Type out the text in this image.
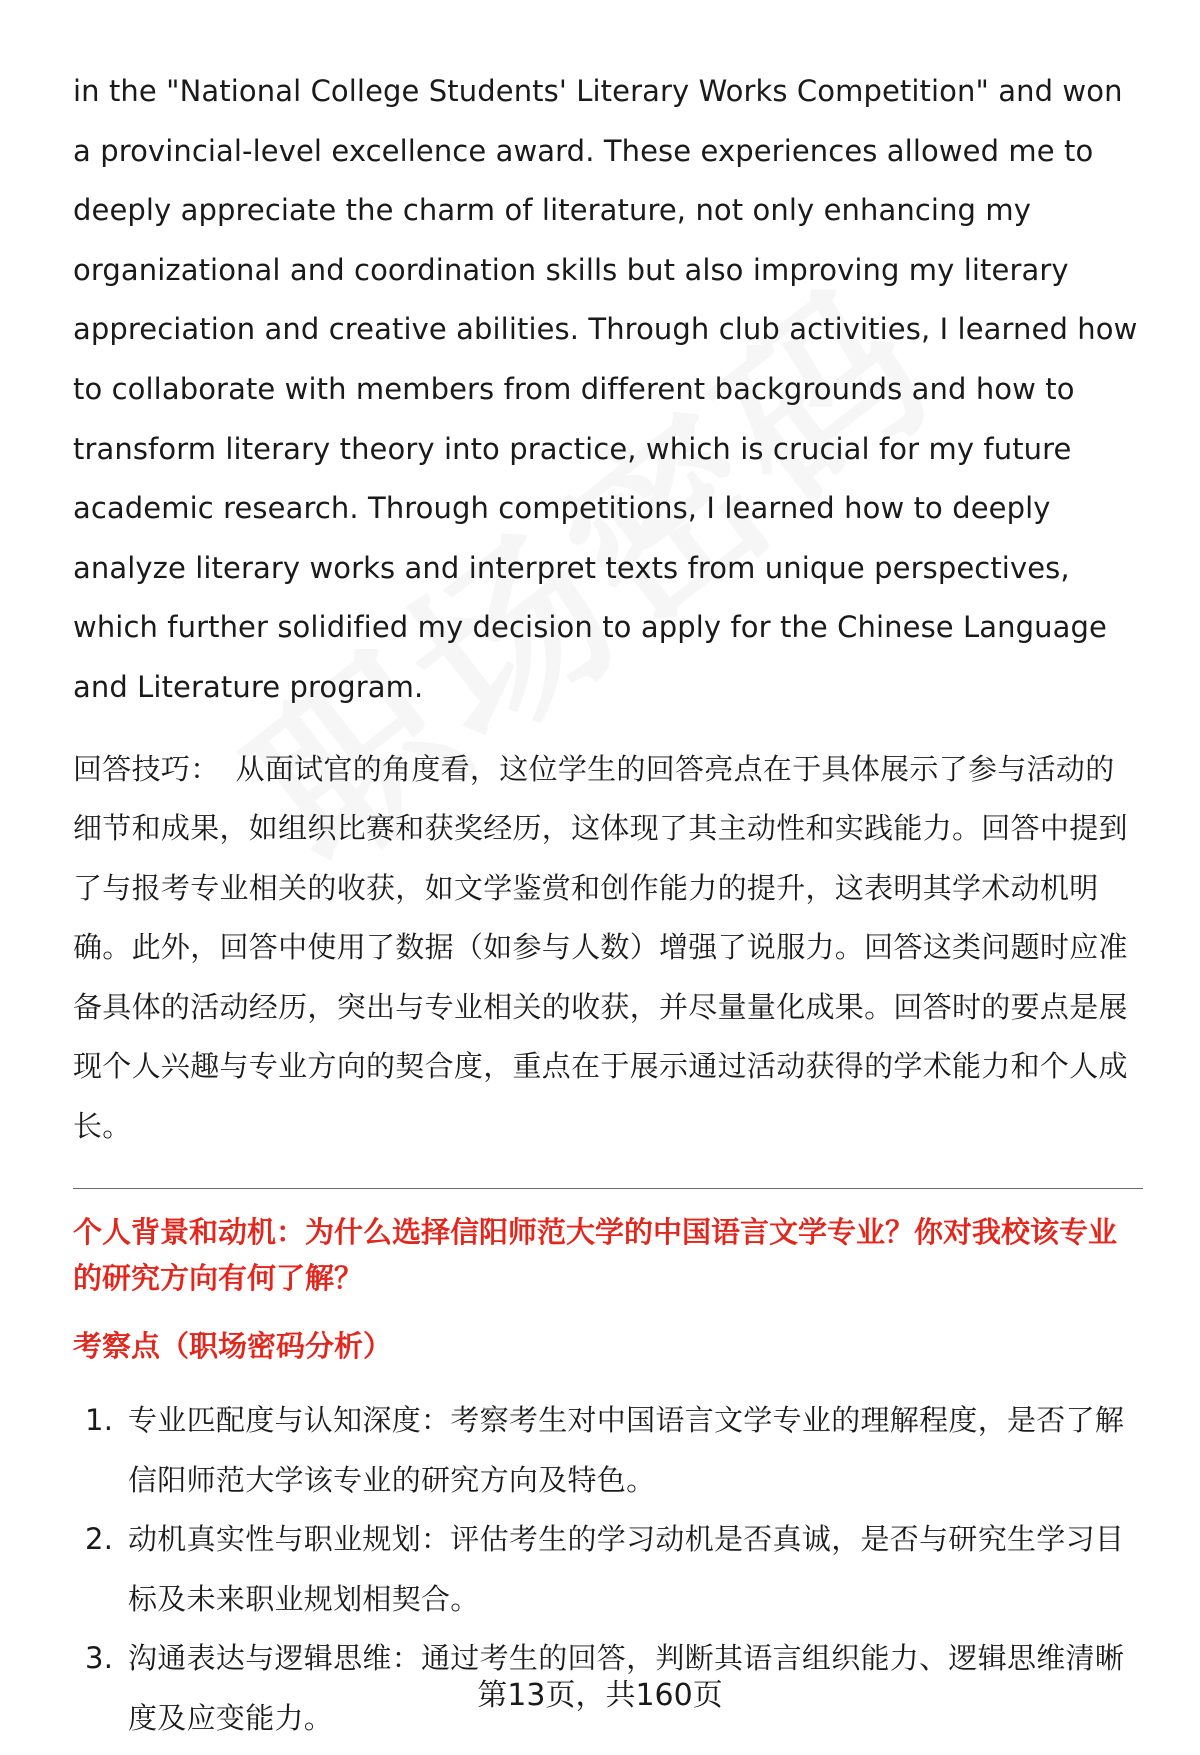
in the "National College Students' Literary Works Competition" and won a provincial-level excellence award. These experiences allowed me to deeply appreciate the charm of literature, not only enhancing my organizational and coordination skills but also improving my literary appreciation and creative abilities. Through club activities, I learned how to collaborate with members from different backgrounds and how to transform literary theory into practice, which is crucial for my future academic research. Through competitions, I learned how to deeply analyze literary works and interpret texts from unique perspectives, which further solidified my decision to apply for the Chinese Language and Literature program.

回答技巧： 从面试官的角度看，这位学生的回答亮点在于具体展示了参与活动的细节和成果，如组织比赛和获奖经历，这体现了其主动性和实践能力。回答中提到了与报考专业相关的收获，如文学鉴赏和创作能力的提升，这表明其学术动机明确。此外，回答中使用了数据（如参与人数）增强了说服力。回答这类问题时应准备具体的活动经历，突出与专业相关的收获，并尽量量化成果。回答时的要点是展现个人兴趣与专业方向的契合度，重点在于展示通过活动获得的学术能力和个人成长。

个人背景和动机：为什么选择信阳师范大学的中国语言文学专业？你对我校该专业的研究方向有何了解？
考察点（职场密码分析）
1. 专业匹配度与认知深度：考察考生对中国语言文学专业的理解程度，是否了解信阳师范大学该专业的研究方向及特色。
2. 动机真实性与职业规划：评估考生的学习动机是否真诚，是否与研究生学习目标及未来职业规划相契合。
3. 沟通表达与逻辑思维：通过考生的回答，判断其语言组织能力、逻辑思维清晰度及应变能力。
第13页，共160页
